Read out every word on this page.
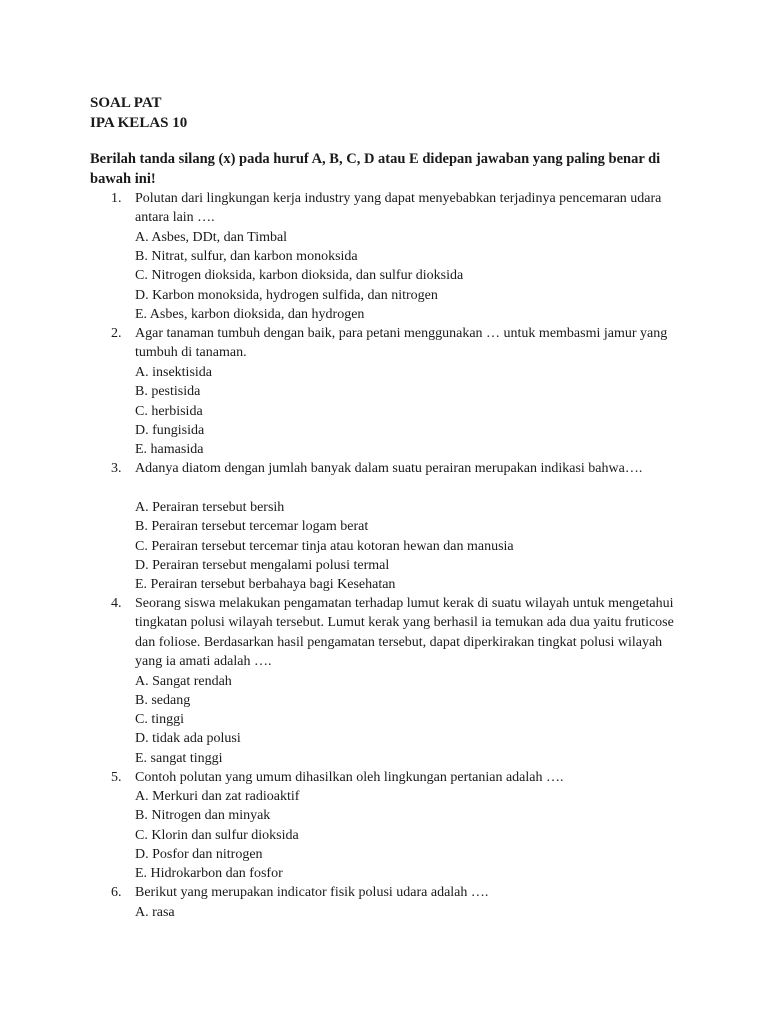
SOAL PAT
IPA KELAS 10
Berilah tanda silang (x) pada huruf A, B, C, D atau E didepan jawaban yang paling benar di bawah ini!
1. Polutan dari lingkungan kerja industry yang dapat menyebabkan terjadinya pencemaran udara antara lain ….
A. Asbes, DDt, dan Timbal
B. Nitrat, sulfur, dan karbon monoksida
C. Nitrogen dioksida, karbon dioksida, dan sulfur dioksida
D. Karbon monoksida, hydrogen sulfida, dan nitrogen
E. Asbes, karbon dioksida, dan hydrogen
2. Agar tanaman tumbuh dengan baik, para petani menggunakan … untuk membasmi jamur yang tumbuh di tanaman.
A. insektisida
B. pestisida
C. herbisida
D. fungisida
E. hamasida
3. Adanya diatom dengan jumlah banyak dalam suatu perairan merupakan indikasi bahwa….
A. Perairan tersebut bersih
B. Perairan tersebut tercemar logam berat
C. Perairan tersebut tercemar tinja atau kotoran hewan dan manusia
D. Perairan tersebut mengalami polusi termal
E. Perairan tersebut berbahaya bagi Kesehatan
4. Seorang siswa melakukan pengamatan terhadap lumut kerak di suatu wilayah untuk mengetahui tingkatan polusi wilayah tersebut. Lumut kerak yang berhasil ia temukan ada dua yaitu fruticose dan foliose. Berdasarkan hasil pengamatan tersebut, dapat diperkirakan tingkat polusi wilayah yang ia amati adalah ….
A. Sangat rendah
B. sedang
C. tinggi
D. tidak ada polusi
E. sangat tinggi
5. Contoh polutan yang umum dihasilkan oleh lingkungan pertanian adalah ….
A. Merkuri dan zat radioaktif
B. Nitrogen dan minyak
C. Klorin dan sulfur dioksida
D. Posfor dan nitrogen
E. Hidrokarbon dan fosfor
6. Berikut yang merupakan indicator fisik polusi udara adalah ….
A. rasa
